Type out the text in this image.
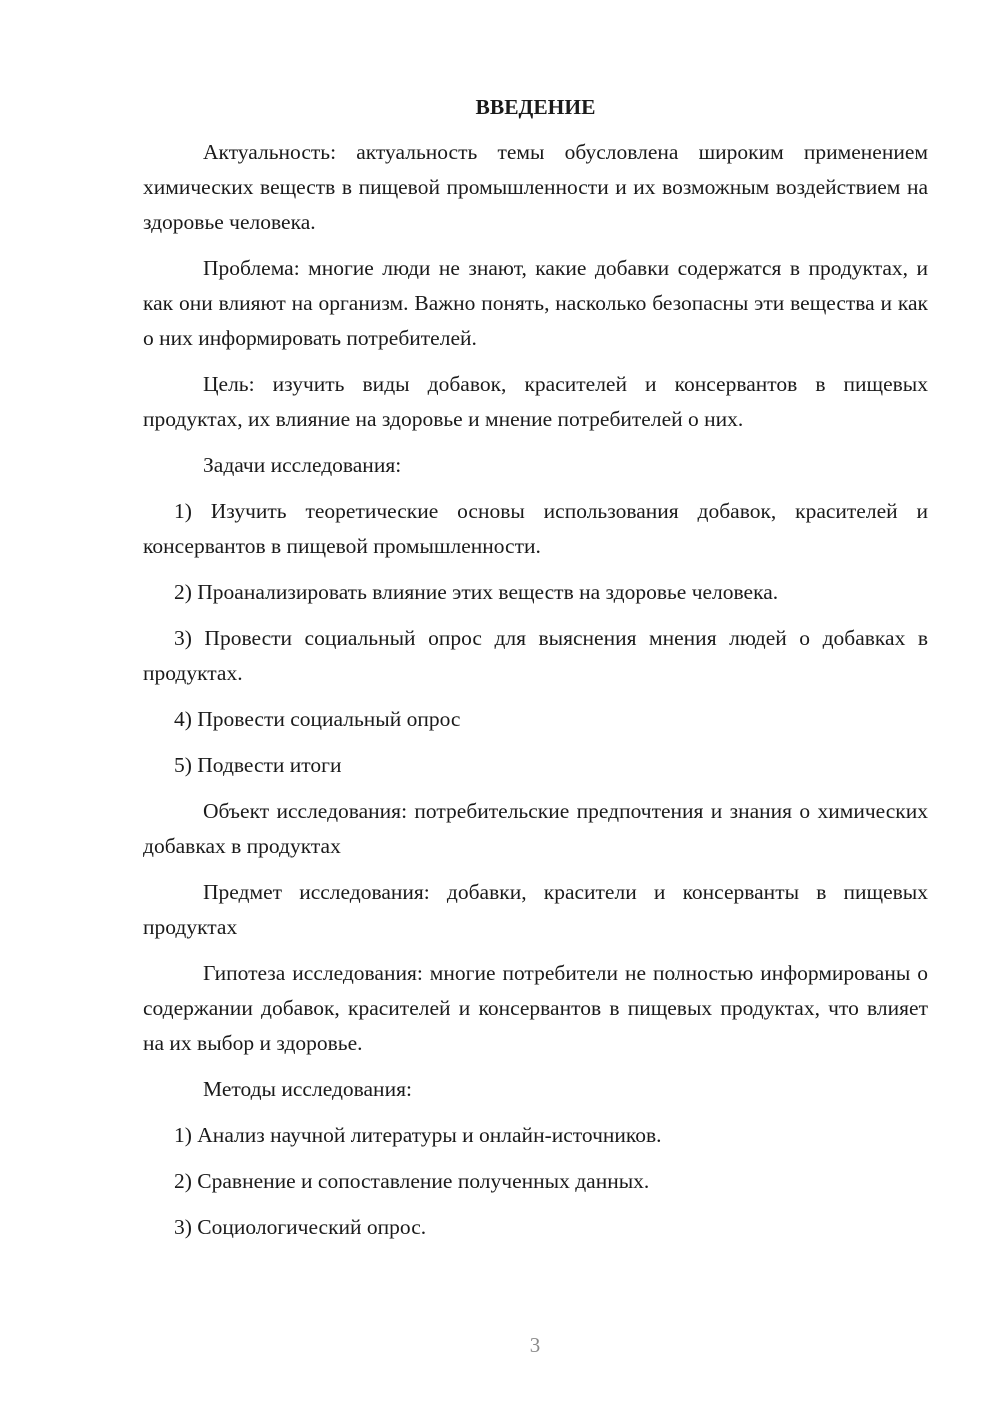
ВВЕДЕНИЕ

Актуальность: актуальность темы обусловлена широким применением химических веществ в пищевой промышленности и их возможным воздействием на здоровье человека.

Проблема: многие люди не знают, какие добавки содержатся в продуктах, и как они влияют на организм. Важно понять, насколько безопасны эти вещества и как о них информировать потребителей.

Цель: изучить виды добавок, красителей и консервантов в пищевых продуктах, их влияние на здоровье и мнение потребителей о них.

Задачи исследования:

1) Изучить теоретические основы использования добавок, красителей и консервантов в пищевой промышленности.

2) Проанализировать влияние этих веществ на здоровье человека.

3) Провести социальный опрос для выяснения мнения людей о добавках в продуктах.

4) Провести социальный опрос

5) Подвести итоги

Объект исследования: потребительские предпочтения и знания о химических добавках в продуктах

Предмет исследования: добавки, красители и консерванты в пищевых продуктах

Гипотеза исследования: многие потребители не полностью информированы о содержании добавок, красителей и консервантов в пищевых продуктах, что влияет на их выбор и здоровье.

Методы исследования:

1) Анализ научной литературы и онлайн-источников.

2) Сравнение и сопоставление полученных данных.

3) Социологический опрос.

3
